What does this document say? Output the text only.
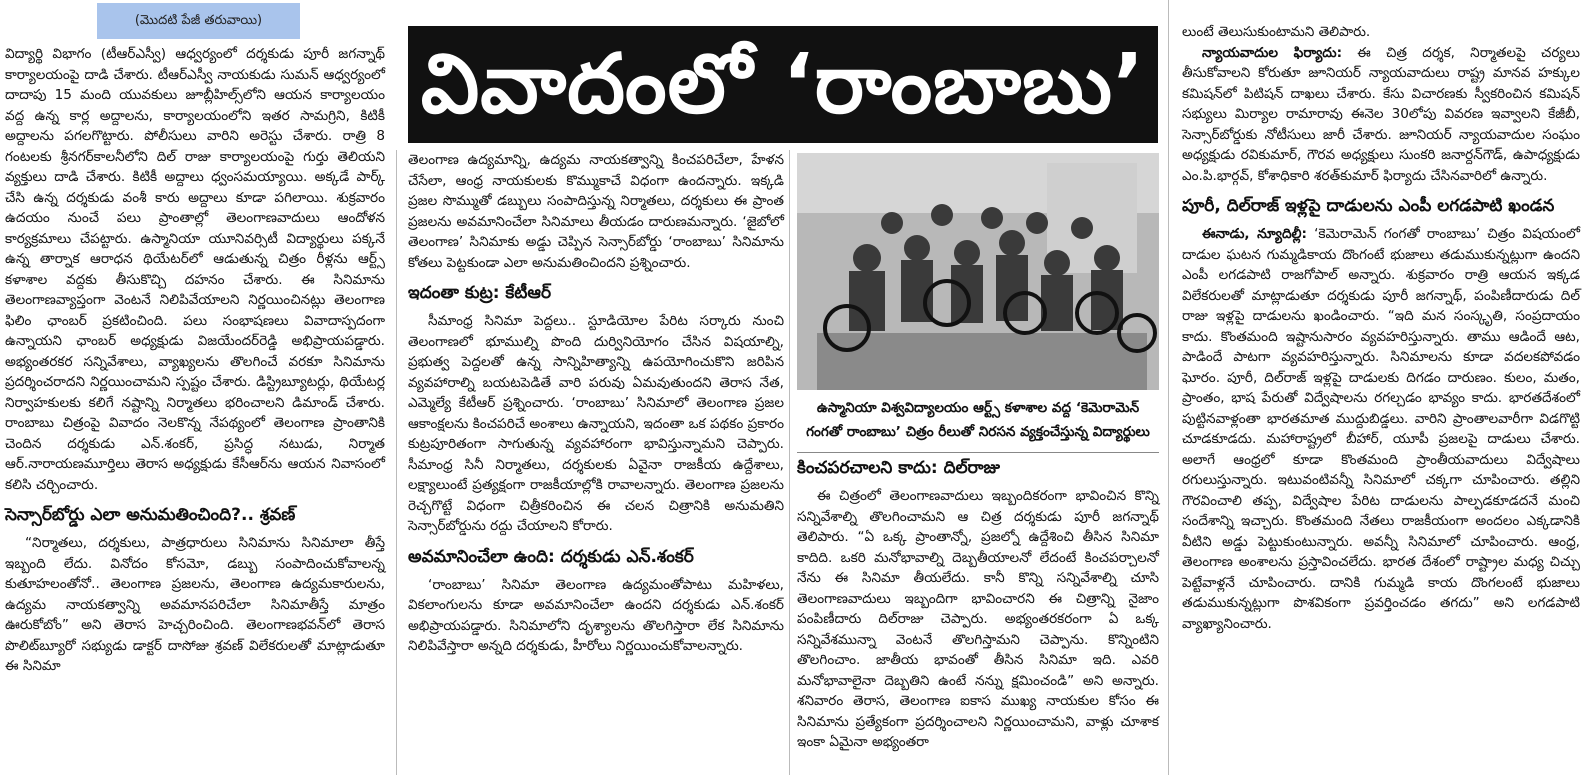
(మొదటి పేజీ తరువాయి)

విద్యార్థి విభాగం (టీఆర్‌ఎస్వీ) ఆధ్వర్యంలో దర్శకుడు పూరీ జగన్నాథ్ కార్యాలయంపై దాడి చేశారు. టీఆర్‌ఎస్వీ నాయకుడు సుమన్ ఆధ్వర్యంలో దాదాపు 15 మంది యువకులు జూబ్లీహిల్స్‌లోని ఆయన కార్యాలయం వద్ద ఉన్న కార్ల అద్దాలను, కార్యాలయంలోని ఇతర సామగ్రిని, కిటికీ అద్దాలను పగలగొట్టారు. పోలీసులు వారిని అరెస్టు చేశారు. రాత్రి 8 గంటలకు శ్రీనగర్‌కాలనీలోని దిల్ రాజు కార్యాలయంపై గుర్తు తెలియని వ్యక్తులు దాడి చేశారు. కిటికీ అద్దాలు ధ్వంసమయ్యాయి. అక్కడే పార్క్ చేసి ఉన్న దర్శకుడు వంశీ కారు అద్దాలు కూడా పగిలాయి. శుక్రవారం ఉదయం నుంచే పలు ప్రాంతాల్లో తెలంగాణవాదులు ఆందోళన కార్యక్రమాలు చేపట్టారు. ఉస్మానియా యూనివర్సిటీ విద్యార్థులు పక్కనే ఉన్న తార్నాక ఆరాధన థియేటర్‌లో ఆడుతున్న చిత్రం రీళ్లను ఆర్ట్స్ కళాశాల వద్దకు తీసుకొచ్చి దహనం చేశారు. ఈ సినిమాను తెలంగాణవ్యాప్తంగా వెంటనే నిలిపివేయాలని నిర్ణయించినట్లు తెలంగాణ ఫిలిం ఛాంబర్ ప్రకటించింది. పలు సంభాషణలు వివాదాస్పదంగా ఉన్నాయని ఛాంబర్ అధ్యక్షుడు విజయేందర్‌రెడ్డి అభిప్రాయపడ్డారు. అభ్యంతరకర సన్నివేశాలు, వ్యాఖ్యలను తొలగించే వరకూ సినిమాను ప్రదర్శించరాదని నిర్ణయించామని స్పష్టం చేశారు. డిస్ట్రిబ్యూటర్లు, థియేటర్ల నిర్వాహకులకు కలిగే నష్టాన్ని నిర్మాతలు భరించాలని డిమాండ్ చేశారు. రాంబాబు చిత్రంపై వివాదం నెలకొన్న నేపథ్యంలో తెలంగాణ ప్రాంతానికి చెందిన దర్శకుడు ఎన్.శంకర్, ప్రసిద్ధ నటుడు, నిర్మాత ఆర్.నారాయణమూర్తిలు తెరాస అధ్యక్షుడు కేసీఆర్‌ను ఆయన నివాసంలో కలిసి చర్చించారు.

సెన్సార్‌బోర్డు ఎలా అనుమతించింది?.. శ్రవణ్

“నిర్మాతలు, దర్శకులు, పాత్రధారులు సినిమాను సినిమాలా తీస్తే ఇబ్బంది లేదు. వినోదం కోసమో, డబ్బు సంపాదించుకోవాలన్న కుతూహలంతోనో.. తెలంగాణ ప్రజలను, తెలంగాణ ఉద్యమకారులను, ఉద్యమ నాయకత్వాన్ని అవమానపరిచేలా సినిమాతీస్తే మాత్రం ఊరుకోబోం” అని తెరాస హెచ్చరించింది. తెలంగాణభవన్‌లో తెరాస పొలిట్‌బ్యూరో సభ్యుడు డాక్టర్ దాసోజు శ్రవణ్ విలేకరులతో మాట్లాడుతూ ఈ సినిమా

వివాదంలో ‘రాంబాబు’

తెలంగాణ ఉద్యమాన్ని, ఉద్యమ నాయకత్వాన్ని కించపరిచేలా, హేళన చేసేలా, ఆంధ్ర నాయకులకు కొమ్ముకాచే విధంగా ఉందన్నారు. ఇక్కడి ప్రజల సొమ్ముతో డబ్బులు సంపాదిస్తున్న నిర్మాతలు, దర్శకులు ఈ ప్రాంత ప్రజలను అవమానించేలా సినిమాలు తీయడం దారుణమన్నారు. ‘జైబోలో తెలంగాణ’ సినిమాకు అడ్డు చెప్పిన సెన్సార్‌బోర్డు ‘రాంబాబు’ సినిమాను కోతలు పెట్టకుండా ఎలా అనుమతించిందని ప్రశ్నించారు.

ఇదంతా కుట్ర: కేటీఆర్

సీమాంధ్ర సినిమా పెద్దలు.. స్టూడియోల పేరిట సర్కారు నుంచి తెలంగాణలో భూముల్ని పొంది దుర్వినియోగం చేసిన విషయాల్ని, ప్రభుత్వ పెద్దలతో ఉన్న సాన్నిహిత్యాన్ని ఉపయోగించుకొని జరిపిన వ్యవహారాల్ని బయటపెడితే వారి పరువు ఏమవుతుందని తెరాస నేత, ఎమ్మెల్యే కేటీఆర్ ప్రశ్నించారు. ‘రాంబాబు’ సినిమాలో తెలంగాణ ప్రజల ఆకాంక్షలను కించపరిచే అంశాలు ఉన్నాయని, ఇదంతా ఒక పథకం ప్రకారం కుట్రపూరితంగా సాగుతున్న వ్యవహారంగా భావిస్తున్నామని చెప్పారు. సీమాంధ్ర సినీ నిర్మాతలు, దర్శకులకు ఏవైనా రాజకీయ ఉద్దేశాలు, లక్ష్యాలుంటే ప్రత్యక్షంగా రాజకీయాల్లోకి రావాలన్నారు. తెలంగాణ ప్రజలను రెచ్చగొట్టే విధంగా చిత్రీకరించిన ఈ చలన చిత్రానికి అనుమతిని సెన్సార్‌బోర్డును రద్దు చేయాలని కోరారు.

అవమానించేలా ఉంది: దర్శకుడు ఎన్.శంకర్

‘రాంబాబు’ సినిమా తెలంగాణ ఉద్యమంతోపాటు మహిళలు, వికలాంగులను కూడా అవమానించేలా ఉందని దర్శకుడు ఎన్.శంకర్ అభిప్రాయపడ్డారు. సినిమాలోని దృశ్యాలను తొలగిస్తారా లేక సినిమాను నిలిపివేస్తారా అన్నది దర్శకుడు, హీరోలు నిర్ణయించుకోవాలన్నారు.

ఉస్మానియా విశ్వవిద్యాలయం ఆర్ట్స్ కళాశాల వద్ద ‘కెమెరామెన్ గంగతో రాంబాబు’ చిత్రం రీలుతో నిరసన వ్యక్తంచేస్తున్న విద్యార్థులు
కించపరచాలని కాదు: దిల్‌రాజు

ఈ చిత్రంలో తెలంగాణవాదులు ఇబ్బందికరంగా భావించిన కొన్ని సన్నివేశాల్ని తొలగించామని ఆ చిత్ర దర్శకుడు పూరీ జగన్నాథ్ తెలిపారు. “ఏ ఒక్క ప్రాంతాన్నో, ప్రజల్నో ఉద్దేశించి తీసిన సినిమా కాదిది. ఒకరి మనోభావాల్ని దెబ్బతీయాలనో లేదంటే కించపర్చాలనో నేను ఈ సినిమా తీయలేదు. కానీ కొన్ని సన్నివేశాల్ని చూసి తెలంగాణవాదులు ఇబ్బందిగా భావించారని ఈ చిత్రాన్ని నైజాం పంపిణీదారు దిల్‌రాజు చెప్పారు. అభ్యంతరకరంగా ఏ ఒక్క సన్నివేశమున్నా వెంటనే తొలగిస్తామని చెప్పాను. కొన్నింటిని తొలగించాం. జాతీయ భావంతో తీసిన సినిమా ఇది. ఎవరి మనోభావాలైనా దెబ్బతిని ఉంటే నన్ను క్షమించండి” అని అన్నారు. శనివారం తెరాస, తెలంగాణ ఐకాస ముఖ్య నాయకుల కోసం ఈ సినిమాను ప్రత్యేకంగా ప్రదర్శించాలని నిర్ణయించామని, వాళ్లు చూశాక ఇంకా ఏమైనా అభ్యంతరా

లుంటే తెలుసుకుంటామని తెలిపారు.

న్యాయవాదుల ఫిర్యాదు: ఈ చిత్ర దర్శక, నిర్మాతలపై చర్యలు తీసుకోవాలని కోరుతూ జూనియర్ న్యాయవాదులు రాష్ట్ర మానవ హక్కుల కమిషన్‌లో పిటిషన్ దాఖలు చేశారు. కేసు విచారణకు స్వీకరించిన కమిషన్ సభ్యులు మిర్యాల రామారావు ఈనెల 30లోపు వివరణ ఇవ్వాలని కేజీబీ, సెన్సార్‌బోర్డుకు నోటీసులు జారీ చేశారు. జూనియర్ న్యాయవాదుల సంఘం అధ్యక్షుడు రవికుమార్, గౌరవ అధ్యక్షులు సుంకరి జనార్దన్‌గౌడ్, ఉపాధ్యక్షుడు ఎం.పి.భార్గవ్, కోశాధికారి శరత్‌కుమార్ ఫిర్యాదు చేసినవారిలో ఉన్నారు.

పూరీ, దిల్‌రాజ్ ఇళ్లపై దాడులను ఎంపీ లగడపాటి ఖండన

ఈనాడు, న్యూదిల్లీ: ‘కెమెరామెన్ గంగతో రాంబాబు’ చిత్రం విషయంలో దాడుల ఘటన గుమ్మడికాయ దొంగంటే భుజాలు తడుముకున్నట్లుగా ఉందని ఎంపీ లగడపాటి రాజగోపాల్ అన్నారు. శుక్రవారం రాత్రి ఆయన ఇక్కడ విలేకరులతో మాట్లాడుతూ దర్శకుడు పూరీ జగన్నాథ్, పంపిణీదారుడు దిల్ రాజు ఇళ్లపై దాడులను ఖండించారు. “ఇది మన సంస్కృతి, సంప్రదాయం కాదు. కొంతమంది ఇష్టానుసారం వ్యవహరిస్తున్నారు. తాము ఆడిందే ఆట, పాడిందే పాటగా వ్యవహరిస్తున్నారు. సినిమాలను కూడా వదలకపోవడం ఘోరం. పూరీ, దిల్‌రాజ్ ఇళ్లపై దాడులకు దిగడం దారుణం. కులం, మతం, ప్రాంతం, భాష పేరుతో విద్వేషాలను రగల్చడం భావ్యం కాదు. భారతదేశంలో పుట్టినవాళ్లంతా భారతమాత ముద్దుబిడ్డలు. వారిని ప్రాంతాలవారీగా విడగొట్టి చూడకూడదు. మహారాష్ట్రలో బీహార్, యూపీ ప్రజలపై దాడులు చేశారు. అలాగే ఆంధ్రలో కూడా కొంతమంది ప్రాంతీయవాదులు విద్వేషాలు రగులుస్తున్నారు. ఇటువంటివన్నీ సినిమాలో చక్కగా చూపించారు. తల్లిని గౌరవించాలి తప్ప, విద్వేషాల పేరిట దాడులను పాల్పడకూడదనే మంచి సందేశాన్ని ఇచ్చారు. కొంతమంది నేతలు రాజకీయంగా అందలం ఎక్కడానికి వీటిని అడ్డు పెట్టుకుంటున్నారు. అవన్నీ సినిమాలో చూపించారు. ఆంధ్ర, తెలంగాణ అంశాలను ప్రస్తావించలేదు. భారత దేశంలో రాష్ట్రాల మధ్య చిచ్చు పెట్టేవాళ్లనే చూపించారు. దానికి గుమ్మడి కాయ దొంగలంటే భుజాలు తడుముకున్నట్లుగా పొశవికంగా ప్రవర్తించడం తగదు” అని లగడపాటి వ్యాఖ్యానించారు.
